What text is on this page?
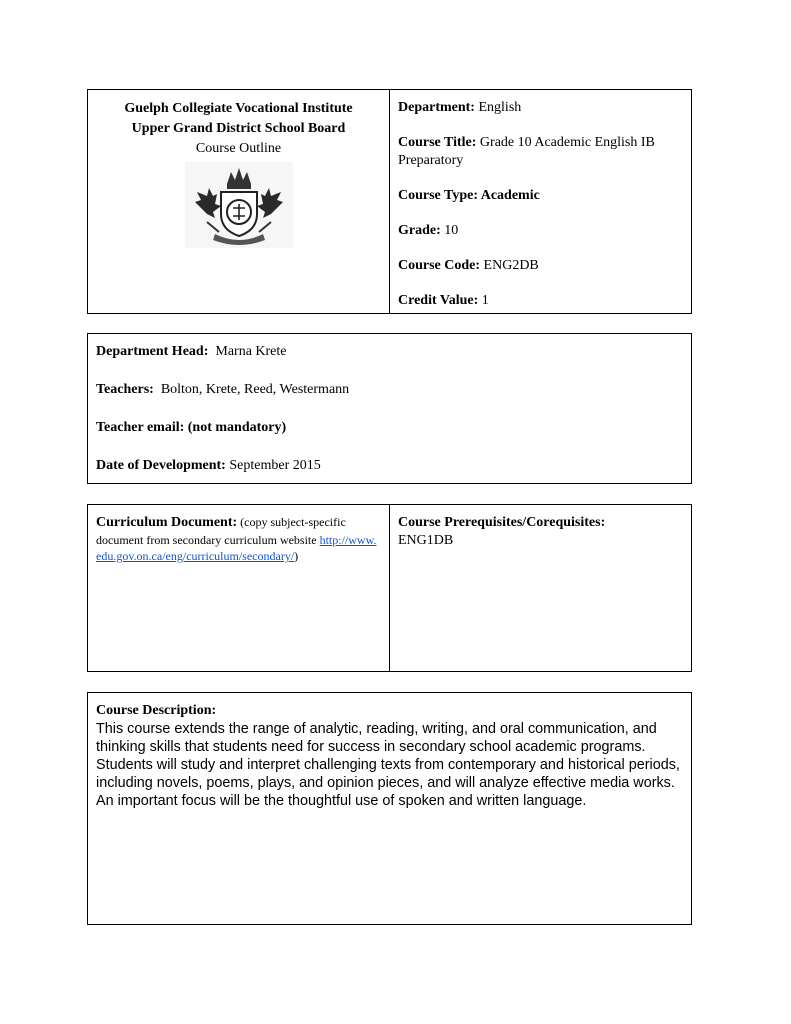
Guelph Collegiate Vocational Institute

Upper Grand District School Board

Course Outline

Department: English

Course Title: Grade 10 Academic English IB Preparatory

Course Type: Academic

Grade: 10

Course Code: ENG2DB

Credit Value: 1

Department Head: Marna Krete

Teachers: Bolton, Krete, Reed, Westermann

Teacher email: (not mandatory)

Date of Development: September 2015

Curriculum Document: (copy subject-specific document from secondary curriculum website http://www.edu.gov.on.ca/eng/curriculum/secondary/)

Course Prerequisites/Corequisites:

ENG1DB

Course Description:

This course extends the range of analytic, reading, writing, and oral communication, and thinking skills that students need for success in secondary school academic programs. Students will study and interpret challenging texts from contemporary and historical periods, including novels, poems, plays, and opinion pieces, and will analyze effective media works. An important focus will be the thoughtful use of spoken and written language.
